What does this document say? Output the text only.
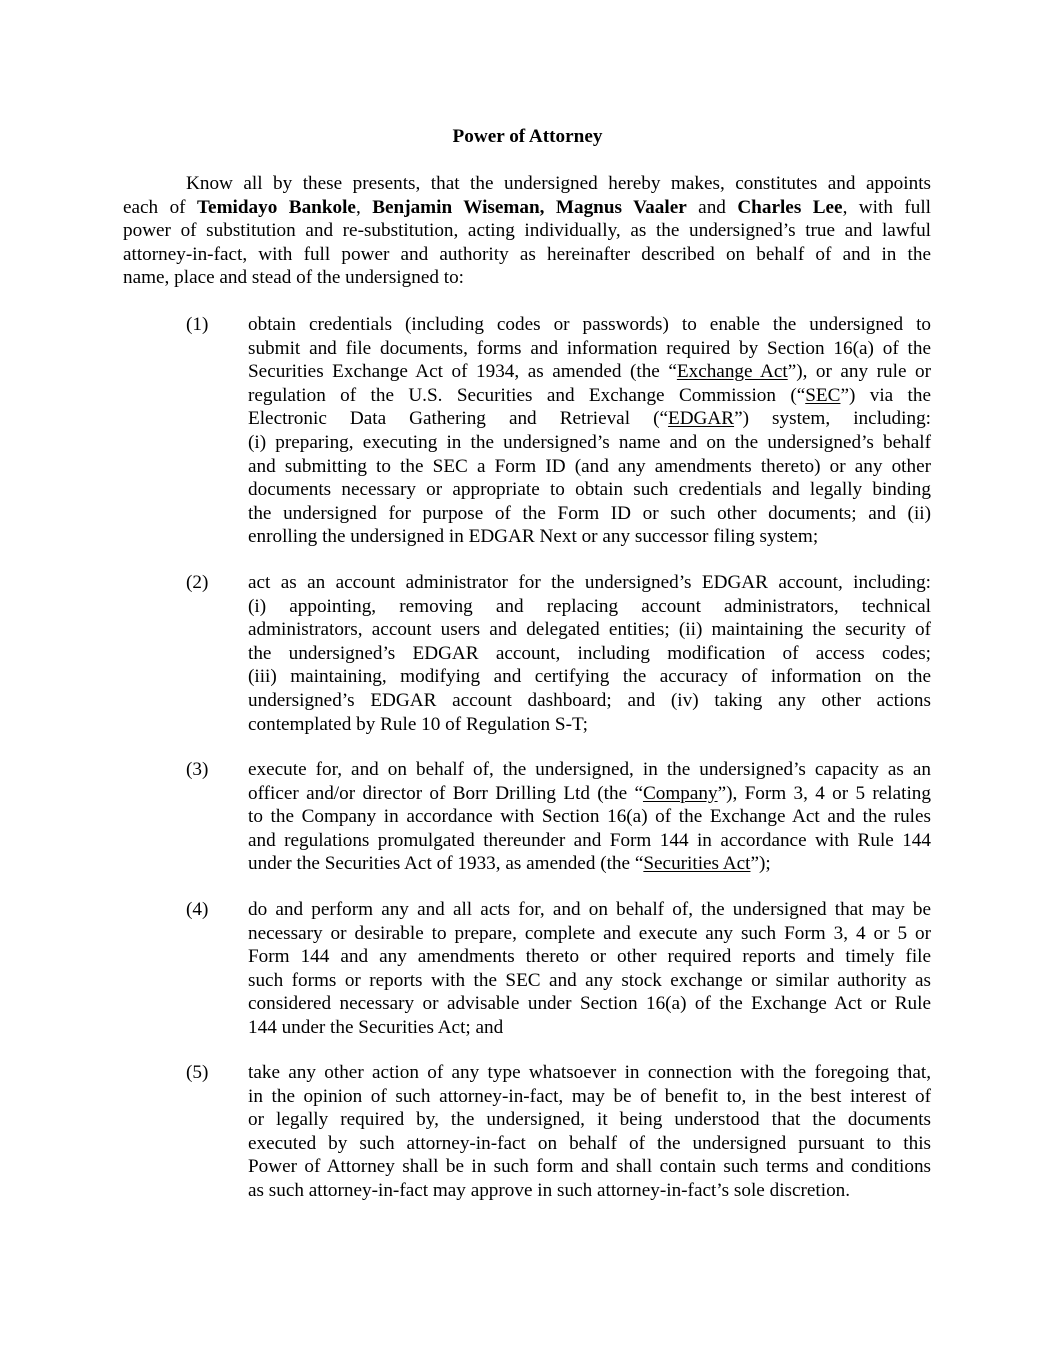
Power of Attorney
Know all by these presents, that the undersigned hereby makes, constitutes and appoints
each of Temidayo Bankole, Benjamin Wiseman, Magnus Vaaler and Charles Lee, with full
power of substitution and re-substitution, acting individually, as the undersigned’s true and lawful
attorney-in-fact, with full power and authority as hereinafter described on behalf of and in the
name, place and stead of the undersigned to:
(1) obtain credentials (including codes or passwords) to enable the undersigned to
submit and file documents, forms and information required by Section 16(a) of the
Securities Exchange Act of 1934, as amended (the “Exchange Act”), or any rule or
regulation of the U.S. Securities and Exchange Commission (“SEC”) via the
Electronic Data Gathering and Retrieval (“EDGAR”) system, including:
(i) preparing, executing in the undersigned’s name and on the undersigned’s behalf
and submitting to the SEC a Form ID (and any amendments thereto) or any other
documents necessary or appropriate to obtain such credentials and legally binding
the undersigned for purpose of the Form ID or such other documents; and (ii)
enrolling the undersigned in EDGAR Next or any successor filing system;
(2) act as an account administrator for the undersigned’s EDGAR account, including:
(i) appointing, removing and replacing account administrators, technical
administrators, account users and delegated entities; (ii) maintaining the security of
the undersigned’s EDGAR account, including modification of access codes;
(iii) maintaining, modifying and certifying the accuracy of information on the
undersigned’s EDGAR account dashboard; and (iv) taking any other actions
contemplated by Rule 10 of Regulation S-T;
(3) execute for, and on behalf of, the undersigned, in the undersigned’s capacity as an
officer and/or director of Borr Drilling Ltd (the “Company”), Form 3, 4 or 5 relating
to the Company in accordance with Section 16(a) of the Exchange Act and the rules
and regulations promulgated thereunder and Form 144 in accordance with Rule 144
under the Securities Act of 1933, as amended (the “Securities Act”);
(4) do and perform any and all acts for, and on behalf of, the undersigned that may be
necessary or desirable to prepare, complete and execute any such Form 3, 4 or 5 or
Form 144 and any amendments thereto or other required reports and timely file
such forms or reports with the SEC and any stock exchange or similar authority as
considered necessary or advisable under Section 16(a) of the Exchange Act or Rule
144 under the Securities Act; and
(5) take any other action of any type whatsoever in connection with the foregoing that,
in the opinion of such attorney-in-fact, may be of benefit to, in the best interest of
or legally required by, the undersigned, it being understood that the documents
executed by such attorney-in-fact on behalf of the undersigned pursuant to this
Power of Attorney shall be in such form and shall contain such terms and conditions
as such attorney-in-fact may approve in such attorney-in-fact’s sole discretion.
